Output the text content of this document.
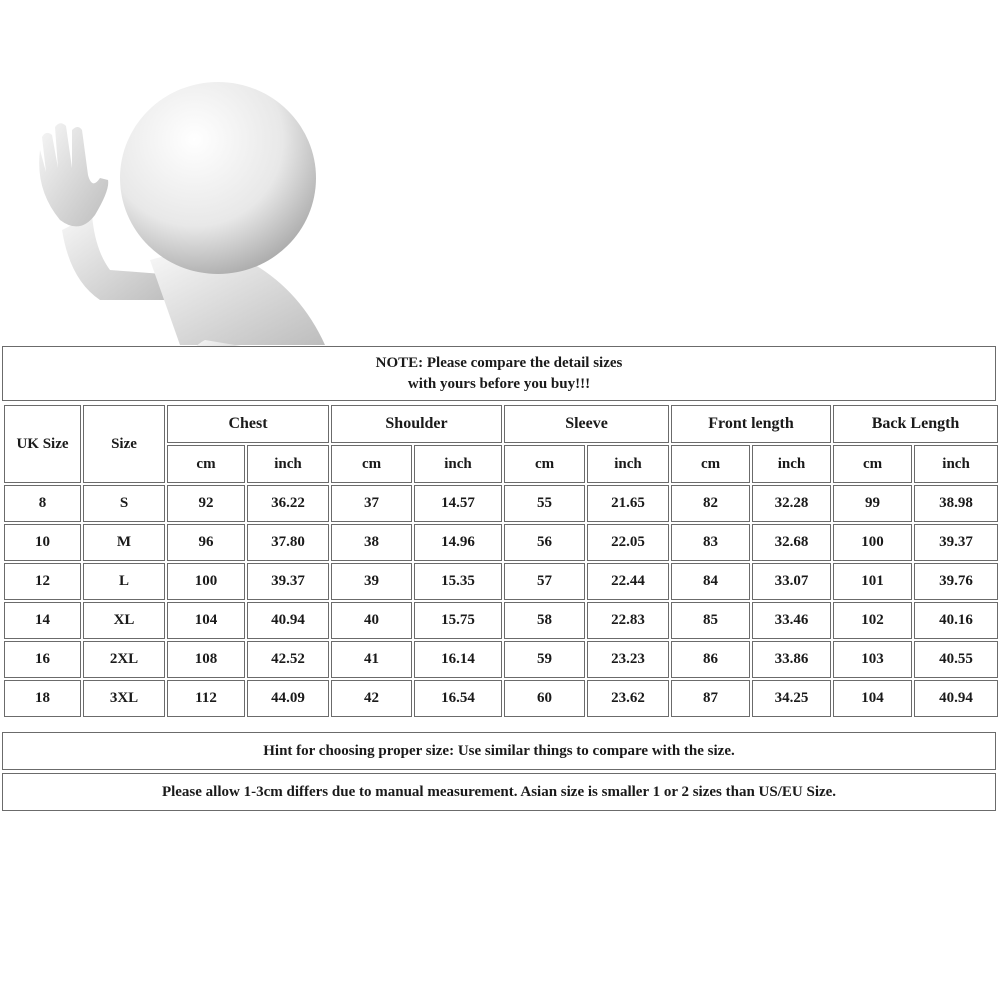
NOTE: Please compare the detail sizes
with yours before you buy!!!
UK Size	Size	Chest		Shoulder		Sleeve		Front length		Back Length	
		cm	inch	cm	inch	cm	inch	cm	inch	cm	inch
8	S	92	36.22	37	14.57	55	21.65	82	32.28	99	38.98
10	M	96	37.80	38	14.96	56	22.05	83	32.68	100	39.37
12	L	100	39.37	39	15.35	57	22.44	84	33.07	101	39.76
14	XL	104	40.94	40	15.75	58	22.83	85	33.46	102	40.16
16	2XL	108	42.52	41	16.14	59	23.23	86	33.86	103	40.55
18	3XL	112	44.09	42	16.54	60	23.62	87	34.25	104	40.94
Hint for choosing proper size: Use similar things to compare with the size.
Please allow 1-3cm differs due to manual measurement. Asian size is smaller 1 or 2 sizes than US/EU Size.
